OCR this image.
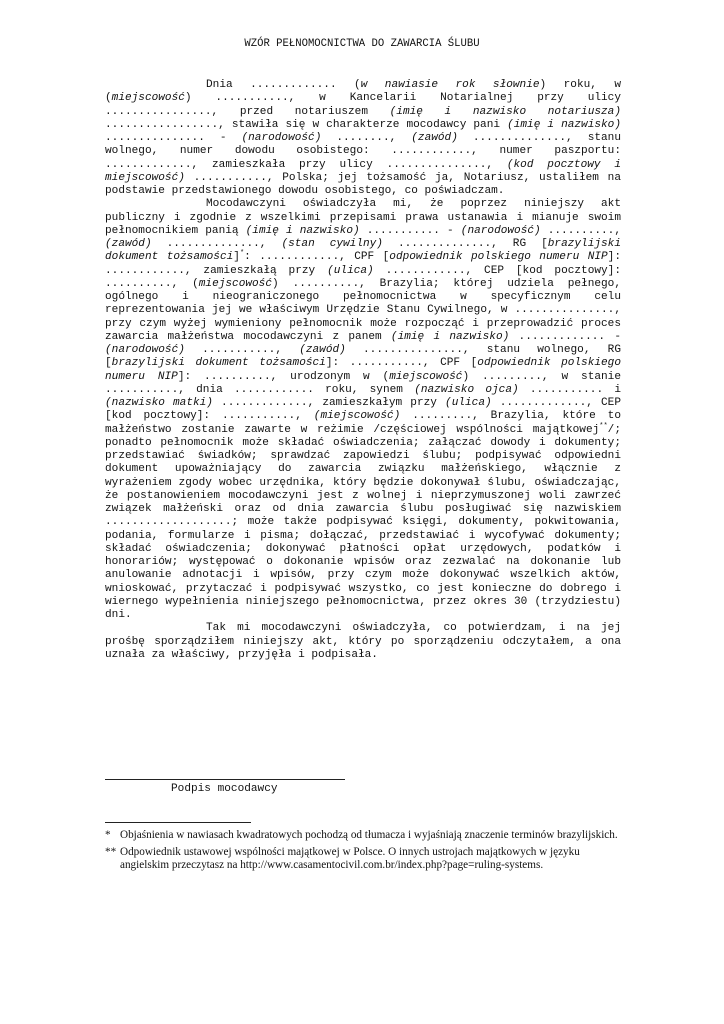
WZÓR PEŁNOMOCNICTWA DO ZAWARCIA ŚLUBU

Dnia ............. (w nawiasie rok słownie) roku, w (miejscowość) ..........., w Kancelarii Notarialnej przy ulicy ................, przed notariuszem (imię i nazwisko notariusza) ................., stawiła się w charakterze mocodawcy pani (imię i nazwisko) ............... - (narodowość) ........, (zawód) .............., stanu wolnego, numer dowodu osobistego: ............, numer paszportu: ............., zamieszkała przy ulicy ..............., (kod pocztowy i miejscowość) ..........., Polska; jej tożsamość ja, Notariusz, ustaliłem na podstawie przedstawionego dowodu osobistego, co poświadczam.

Mocodawczyni oświadczyła mi, że poprzez niniejszy akt publiczny i zgodnie z wszelkimi przepisami prawa ustanawia i mianuje swoim pełnomocnikiem panią (imię i nazwisko) ........... - (narodowość) .........., (zawód) .............., (stan cywilny) .............., RG [brazylijski dokument tożsamości]*: ............, CPF [odpowiednik polskiego numeru NIP]: ............, zamieszkałą przy (ulica) ............, CEP [kod pocztowy]: .........., (miejscowość) .........., Brazylia; której udziela pełnego, ogólnego i nieograniczonego pełnomocnictwa w specyficznym celu reprezentowania jej we właściwym Urzędzie Stanu Cywilnego, w ..............., przy czym wyżej wymieniony pełnomocnik może rozpocząć i przeprowadzić proces zawarcia małżeństwa mocodawczyni z panem (imię i nazwisko) ............. - (narodowość) ..........., (zawód) ..............., stanu wolnego, RG [brazylijski dokument tożsamości]: ..........., CPF [odpowiednik polskiego numeru NIP]: .........., urodzonym w (miejscowość) ........., w stanie ..........., dnia ............ roku, synem (nazwisko ojca) ........... i (nazwisko matki) ............., zamieszkałym przy (ulica) ............., CEP [kod pocztowy]: ..........., (miejscowość) ........., Brazylia, które to małżeństwo zostanie zawarte w reżimie /częściowej wspólności majątkowej**/; ponadto pełnomocnik może składać oświadczenia; załączać dowody i dokumenty; przedstawiać świadków; sprawdzać zapowiedzi ślubu; podpisywać odpowiedni dokument upoważniający do zawarcia związku małżeńskiego, włącznie z wyrażeniem zgody wobec urzędnika, który będzie dokonywał ślubu, oświadczając, że postanowieniem mocodawczyni jest z wolnej i nieprzymuszonej woli zawrzeć związek małżeński oraz od dnia zawarcia ślubu posługiwać się nazwiskiem ...................; może także podpisywać księgi, dokumenty, pokwitowania, podania, formularze i pisma; dołączać, przedstawiać i wycofywać dokumenty; składać oświadczenia; dokonywać płatności opłat urzędowych, podatków i honorariów; występować o dokonanie wpisów oraz zezwalać na dokonanie lub anulowanie adnotacji i wpisów, przy czym może dokonywać wszelkich aktów, wnioskować, przytaczać i podpisywać wszystko, co jest konieczne do dobrego i wiernego wypełnienia niniejszego pełnomocnictwa, przez okres 30 (trzydziestu) dni.

Tak mi mocodawczyni oświadczyła, co potwierdzam, i na jej prośbę sporządziłem niniejszy akt, który po sporządzeniu odczytałem, a ona uznała za właściwy, przyjęła i podpisała.

Podpis mocodawcy
* Objaśnienia w nawiasach kwadratowych pochodzą od tłumacza i wyjaśniają znaczenie terminów brazylijskich.
** Odpowiednik ustawowej wspólności majątkowej w Polsce. O innych ustrojach majątkowych w języku angielskim przeczytasz na http://www.casamentocivil.com.br/index.php?page=ruling-systems.
